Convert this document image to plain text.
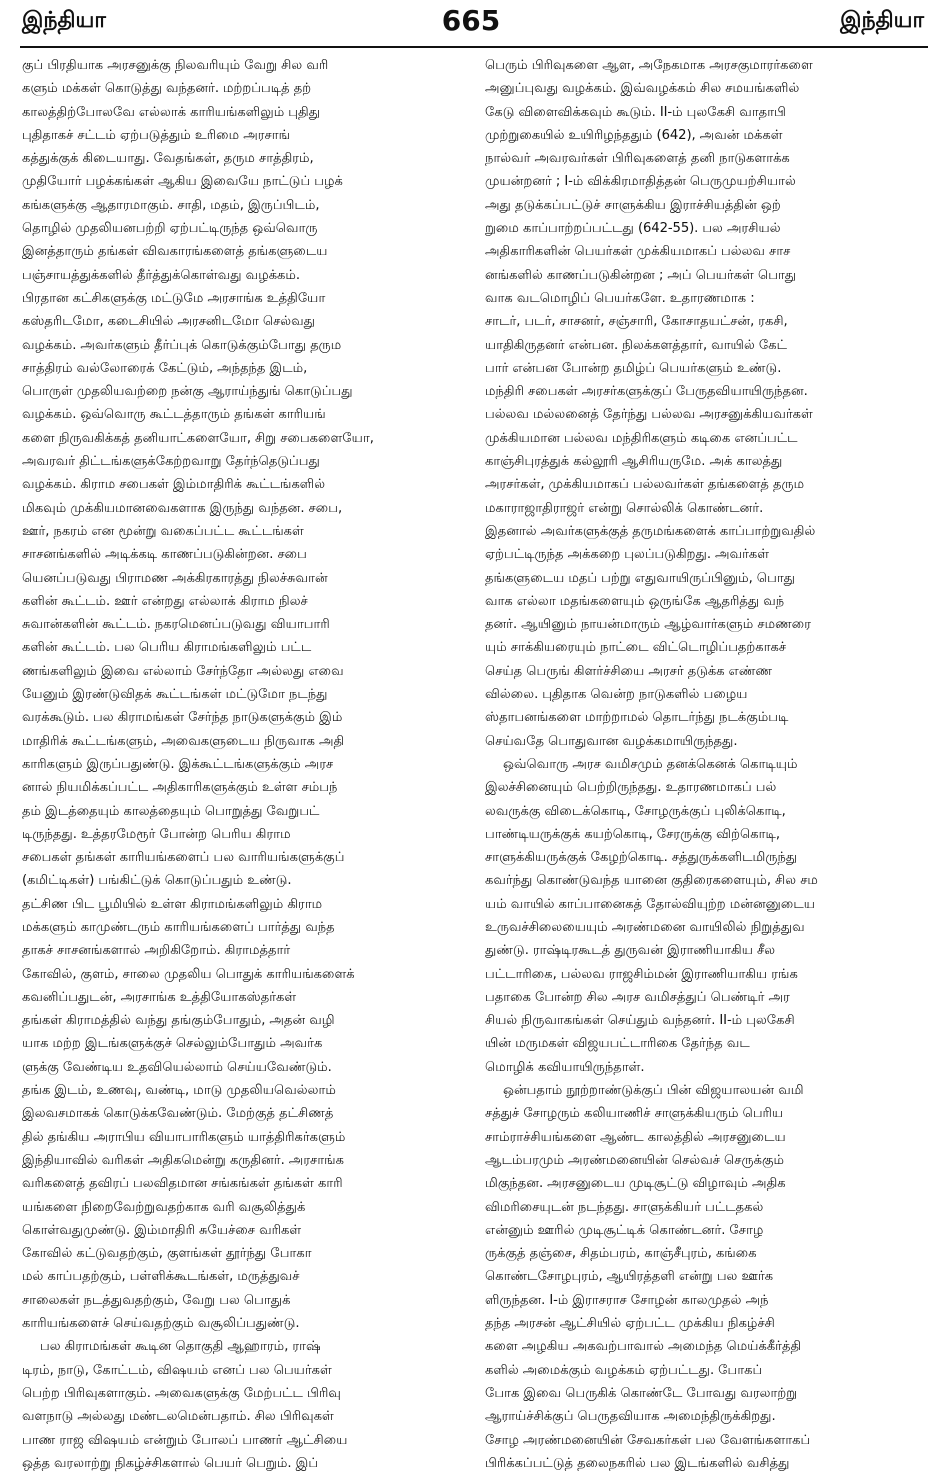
இந்தியா	665	இந்தியா
குப் பிரதியாக அரசனுக்கு நிலவரியும் வேறு சில வரி
களும் மக்கள் கொடுத்து வந்தனர். மற்றப்படித் தற்
காலத்திற்போலவே எல்லாக் காரியங்களிலும் புதிது
புதிதாகச் சட்டம் ஏற்படுத்தும் உரிமை அரசாங்
கத்துக்குக் கிடையாது. வேதங்கள், தரும சாத்திரம்,
முதியோர் பழக்கங்கள் ஆகிய இவையே நாட்டுப் பழக்
கங்களுக்கு ஆதாரமாகும். சாதி, மதம், இருப்பிடம்,
தொழில் முதலியனபற்றி ஏற்பட்டிருந்த ஒவ்வொரு
இனத்தாரும் தங்கள் விவகாரங்களைத் தங்களுடைய
பஞ்சாயத்துக்களில் தீர்த்துக்கொள்வது வழக்கம்.
பிரதான கட்சிகளுக்கு மட்டுமே அரசாங்க உத்தியோ
கஸ்தரிடமோ, கடைசியில் அரசனிடமோ செல்வது
வழக்கம். அவர்களும் தீர்ப்புக் கொடுக்கும்போது தரும
சாத்திரம் வல்லோரைக் கேட்டும், அந்தந்த இடம்,
பொருள் முதலியவற்றை நன்கு ஆராய்ந்துங் கொடுப்பது
வழக்கம். ஒவ்வொரு கூட்டத்தாரும் தங்கள் காரியங்
களை நிருவகிக்கத் தனியாட்களையோ, சிறு சபைகளையோ,
அவரவர் திட்டங்களுக்கேற்றவாறு தேர்ந்தெடுப்பது
வழக்கம். கிராம சபைகள் இம்மாதிரிக் கூட்டங்களில்
மிகவும் முக்கியமானவைகளாக இருந்து வந்தன. சபை,
ஊர், நகரம் என மூன்று வகைப்பட்ட கூட்டங்கள்
சாசனங்களில் அடிக்கடி காணப்படுகின்றன. சபை
யெனப்படுவது பிராமண அக்கிரகாரத்து நிலச்சுவான்
களின் கூட்டம். ஊர் என்றது எல்லாக் கிராம நிலச்
சுவான்களின் கூட்டம். நகரமெனப்படுவது வியாபாரி
களின் கூட்டம். பல பெரிய கிராமங்களிலும் பட்ட
ணங்களிலும் இவை எல்லாம் சேர்ந்தோ அல்லது எவை
யேனும் இரண்டுவிதக் கூட்டங்கள் மட்டுமோ நடந்து
வரக்கூடும். பல கிராமங்கள் சேர்ந்த நாடுகளுக்கும் இம்
மாதிரிக் கூட்டங்களும், அவைகளுடைய நிருவாக அதி
காரிகளும் இருப்பதுண்டு. இக்கூட்டங்களுக்கும் அரச
னால் நியமிக்கப்பட்ட அதிகாரிகளுக்கும் உள்ள சம்பந்
தம் இடத்தையும் காலத்தையும் பொறுத்து வேறுபட்
டிருந்தது. உத்தரமேரூர் போன்ற பெரிய கிராம
சபைகள் தங்கள் காரியங்களைப் பல வாரியங்களுக்குப்
(கமிட்டிகள்) பங்கிட்டுக் கொடுப்பதும் உண்டு.
தட்சிண பிட பூமியில் உள்ள கிராமங்களிலும் கிராம
மக்களும் காமுண்டரும் காரியங்களைப் பார்த்து வந்த
தாகச் சாசனங்களால் அறிகிறோம். கிராமத்தார்
கோவில், குளம், சாலை முதலிய பொதுக் காரியங்களைக்
கவனிப்பதுடன், அரசாங்க உத்தியோகஸ்தர்கள்
தங்கள் கிராமத்தில் வந்து தங்கும்போதும், அதன் வழி
யாக மற்ற இடங்களுக்குச் செல்லும்போதும் அவர்க
ளுக்கு வேண்டிய உதவியெல்லாம் செய்யவேண்டும்.
தங்க இடம், உணவு, வண்டி, மாடு முதலியவெல்லாம்
இலவசமாகக் கொடுக்கவேண்டும். மேற்குத் தட்சிணத்
தில் தங்கிய அராபிய வியாபாரிகளும் யாத்திரிகர்களும்
இந்தியாவில் வரிகள் அதிகமென்று கருதினர். அரசாங்க
வரிகளைத் தவிரப் பலவிதமான சங்கங்கள் தங்கள் காரி
யங்களை நிறைவேற்றுவதற்காக வரி வசூலித்துக்
கொள்வதுமுண்டு. இம்மாதிரி சுயேச்சை வரிகள்
கோவில் கட்டுவதற்கும், குளங்கள் தூர்ந்து போகா
மல் காப்பதற்கும், பள்ளிக்கூடங்கள், மருத்துவச்
சாலைகள் நடத்துவதற்கும், வேறு பல பொதுக்
காரியங்களைச் செய்வதற்கும் வசூலிப்பதுண்டு.
பல கிராமங்கள் கூடின தொகுதி ஆஹாரம், ராஷ்
டிரம், நாடு, கோட்டம், விஷயம் எனப் பல பெயர்கள்
பெற்ற பிரிவுகளாகும். அவைகளுக்கு மேற்பட்ட பிரிவு
வளநாடு அல்லது மண்டலமென்பதாம். சில பிரிவுகள்
பாண ராஜ விஷயம் என்றும் போலப் பாணர் ஆட்சியை
ஒத்த வரலாற்று நிகழ்ச்சிகளால் பெயர் பெறும். இப்
பெரும் பிரிவுகளை ஆள, அநேகமாக அரசகுமாரர்களை
அனுப்புவது வழக்கம். இவ்வழக்கம் சில சமயங்களில்
கேடு விளைவிக்கவும் கூடும். II-ம் புலகேசி வாதாபி
முற்றுகையில் உயிரிழந்ததும் (642), அவன் மக்கள்
நால்வர் அவரவர்கள் பிரிவுகளைத் தனி நாடுகளாக்க
முயன்றனர் ; I-ம் விக்கிரமாதித்தன் பெருமுயற்சியால்
அது தடுக்கப்பட்டுச் சாளுக்கிய இராச்சியத்தின் ஒற்
றுமை காப்பாற்றப்பட்டது (642-55). பல அரசியல்
அதிகாரிகளின் பெயர்கள் முக்கியமாகப் பல்லவ சாச
னங்களில் காணப்படுகின்றன ; அப் பெயர்கள் பொது
வாக வடமொழிப் பெயர்களே. உதாரணமாக :
சாடர், படர், சாசனர், சஞ்சாரி, கோசாதயட்சன், ரகசி,
யாதிகிருதனர் என்பன. நிலக்களத்தார், வாயில் கேட்
பார் என்பன போன்ற தமிழ்ப் பெயர்களும் உண்டு.
மந்திரி சபைகள் அரசர்களுக்குப் பேருதவியாயிருந்தன.
பல்லவ மல்லனைத் தேர்ந்து பல்லவ அரசனுக்கியவர்கள்
முக்கியமான பல்லவ மந்திரிகளும் கடிகை எனப்பட்ட
காஞ்சிபுரத்துக் கல்லூரி ஆசிரியருமே. அக் காலத்து
அரசர்கள், முக்கியமாகப் பல்லவர்கள் தங்களைத் தரும
மகாராஜாதிராஜர் என்று சொல்லிக் கொண்டனர்.
இதனால் அவர்களுக்குத் தருமங்களைக் காப்பாற்றுவதில்
ஏற்பட்டிருந்த அக்கறை புலப்படுகிறது. அவர்கள்
தங்களுடைய மதப் பற்று எதுவாயிருப்பினும், பொது
வாக எல்லா மதங்களையும் ஒருங்கே ஆதரித்து வந்
தனர். ஆயினும் நாயன்மாரும் ஆழ்வார்களும் சமணரை
யும் சாக்கியரையும் நாட்டை விட்டொழிப்பதற்காகச்
செய்த பெருங் கிளர்ச்சியை அரசர் தடுக்க எண்ண
வில்லை. புதிதாக வென்ற நாடுகளில் பழைய
ஸ்தாபனங்களை மாற்றாமல் தொடர்ந்து நடக்கும்படி
செய்வதே பொதுவான வழக்கமாயிருந்தது.
ஒவ்வொரு அரச வமிசமும் தனக்கெனக் கொடியும்
இலச்சினையும் பெற்றிருந்தது. உதாரணமாகப் பல்
லவருக்கு விடைக்கொடி, சோழருக்குப் புலிக்கொடி,
பாண்டியருக்குக் கயற்கொடி, சேரருக்கு விற்கொடி,
சாளுக்கியருக்குக் கேழற்கொடி. சத்துருக்களிடமிருந்து
கவர்ந்து கொண்டுவந்த யானை குதிரைகளையும், சில சம
யம் வாயில் காப்பானைகத் தோல்வியுற்ற மன்னனுடைய
உருவச்சிலையையும் அரண்மனை வாயிலில் நிறுத்துவ
துண்டு. ராஷ்டிரகூடத் துருவன் இராணியாகிய சீல
பட்டாரிகை, பல்லவ ராஜசிம்மன் இராணியாகிய ரங்க
பதாகை போன்ற சில அரச வமிசத்துப் பெண்டிர் அர
சியல் நிருவாகங்கள் செய்தும் வந்தனர். II-ம் புலகேசி
யின் மருமகள் விஜயபட்டாரிகை தேர்ந்த வட
மொழிக் கவியாயிருந்தாள்.
ஒன்பதாம் நூற்றாண்டுக்குப் பின் விஜயாலயன் வமி
சத்துச் சோழரும் கலியாணிச் சாளுக்கியரும் பெரிய
சாம்ராச்சியங்களை ஆண்ட காலத்தில் அரசனுடைய
ஆடம்பரமும் அரண்மனையின் செல்வச் செருக்கும்
மிகுந்தன. அரசனுடைய முடிசூட்டு விழாவும் அதிக
விமரிசையுடன் நடந்தது. சாளுக்கியர் பட்டதகல்
என்னும் ஊரில் முடிசூட்டிக் கொண்டனர். சோழ
ருக்குத் தஞ்சை, சிதம்பரம், காஞ்சீபுரம், கங்கை
கொண்டசோழபுரம், ஆயிரத்தளி என்று பல ஊர்க
ளிருந்தன. I-ம் இராசராச சோழன் காலமுதல் அந்
தந்த அரசன் ஆட்சியில் ஏற்பட்ட முக்கிய நிகழ்ச்சி
களை அழகிய அகவற்பாவால் அமைந்த மெய்க்கீர்த்தி
களில் அமைக்கும் வழக்கம் ஏற்பட்டது. போகப்
போக இவை பெருகிக் கொண்டே போவது வரலாற்று
ஆராய்ச்சிக்குப் பெருதவியாக அமைந்திருக்கிறது.
சோழ அரண்மனையின் சேவகர்கள் பல வேளங்களாகப்
பிரிக்கப்பட்டுத் தலைநகரில் பல இடங்களில் வசித்து
